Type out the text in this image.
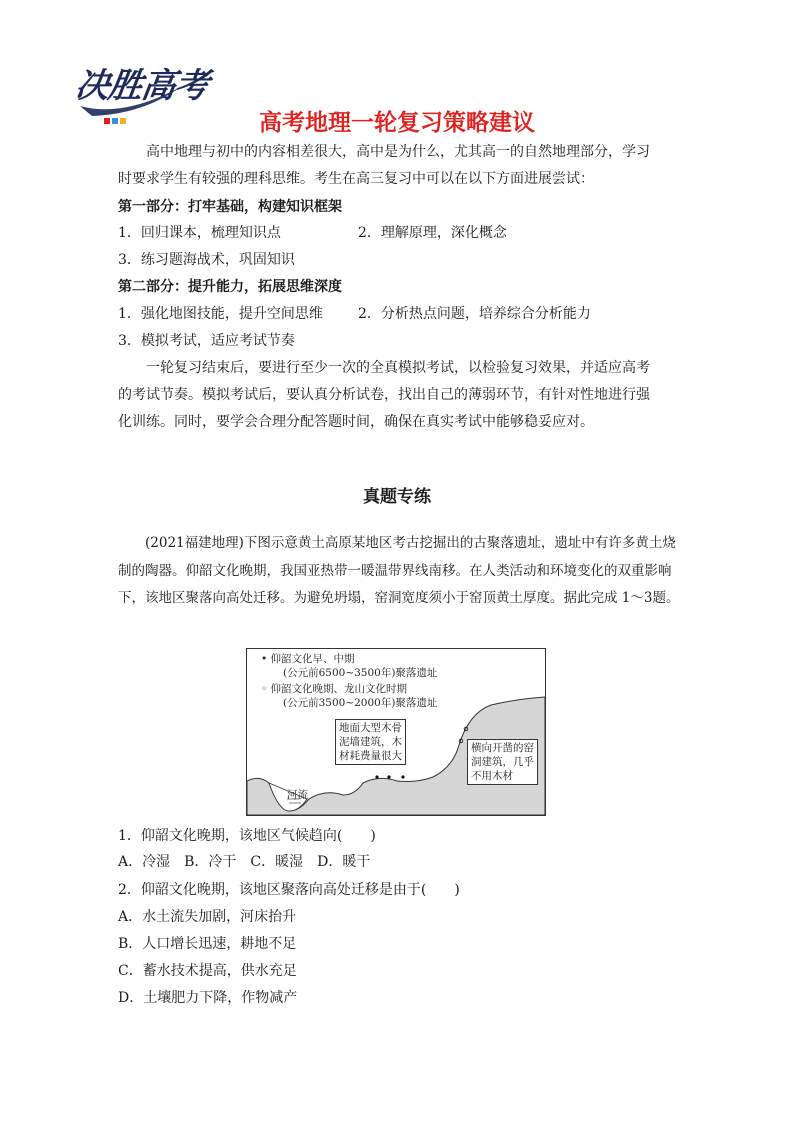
决胜高考
高考地理一轮复习策略建议
高中地理与初中的内容相差很大，高中是为什么，尤其高一的自然地理部分，学习
时要求学生有较强的理科思维。考生在高三复习中可以在以下方面进展尝试：
第一部分：打牢基础，构建知识框架
1．回归课本，梳理知识点	2．理解原理，深化概念
3．练习题海战术，巩固知识
第二部分：提升能力，拓展思维深度
1．强化地图技能，提升空间思维	2．分析热点问题，培养综合分析能力
3．模拟考试，适应考试节奏
一轮复习结束后，要进行至少一次的全真模拟考试，以检验复习效果，并适应高考
的考试节奏。模拟考试后，要认真分析试卷，找出自己的薄弱环节，有针对性地进行强
化训练。同时，要学会合理分配答题时间，确保在真实考试中能够稳妥应对。
真题专练
(2021福建地理)下图示意黄土高原某地区考古挖掘出的古聚落遗址，遗址中有许多黄土烧制的陶器。仰韶文化晚期，我国亚热带一暖温带界线南移。在人类活动和环境变化的双重影响下，该地区聚落向高处迁移。为避免坍塌，窑洞宽度须小于窑顶黄土厚度。据此完成 1～3题。
• 仰韶文化早、中期
(公元前6500~3500年)聚落遗址
◦ 仰韶文化晚期、龙山文化时期
(公元前3500~2000年)聚落遗址
地面大型木骨
泥墙建筑，木
材耗费量很大
横向开凿的窑
洞建筑，几乎
不用木材
河流
1．仰韶文化晚期，该地区气候趋向(　　)
A．冷湿　B．冷干　C．暖湿　D．暖干
2．仰韶文化晚期，该地区聚落向高处迁移是由于(　　)
A．水土流失加剧，河床抬升
B．人口增长迅速，耕地不足
C．蓄水技术提高，供水充足
D．土壤肥力下降，作物减产
